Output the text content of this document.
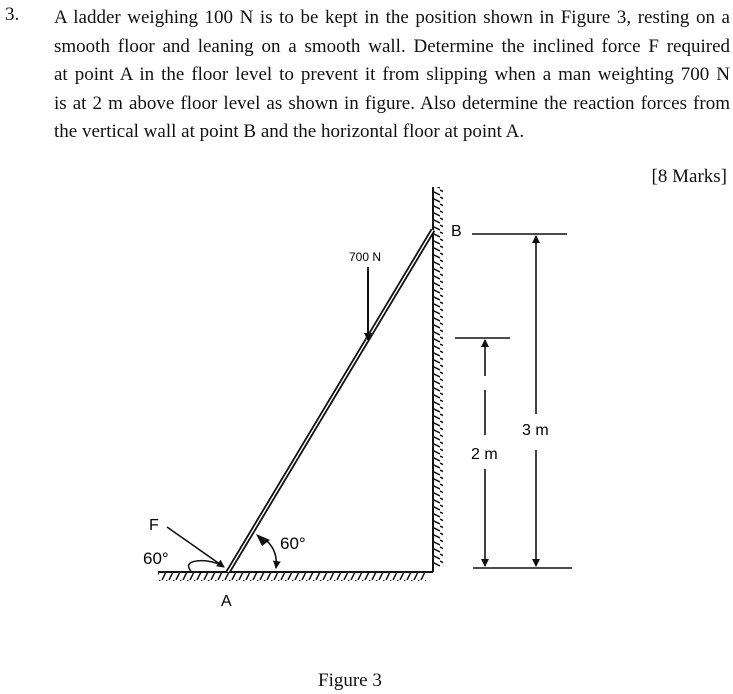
3. A ladder weighing 100 N is to be kept in the position shown in Figure 3, resting on a
smooth floor and leaning on a smooth wall. Determine the inclined force F required
at point A in the floor level to prevent it from slipping when a man weighting 700 N
is at 2 m above floor level as shown in figure. Also determine the reaction forces from
the vertical wall at point B and the horizontal floor at point A.
[8 Marks]
700 N
B
A
F
60°
60°
3 m
2 m
Figure 3
